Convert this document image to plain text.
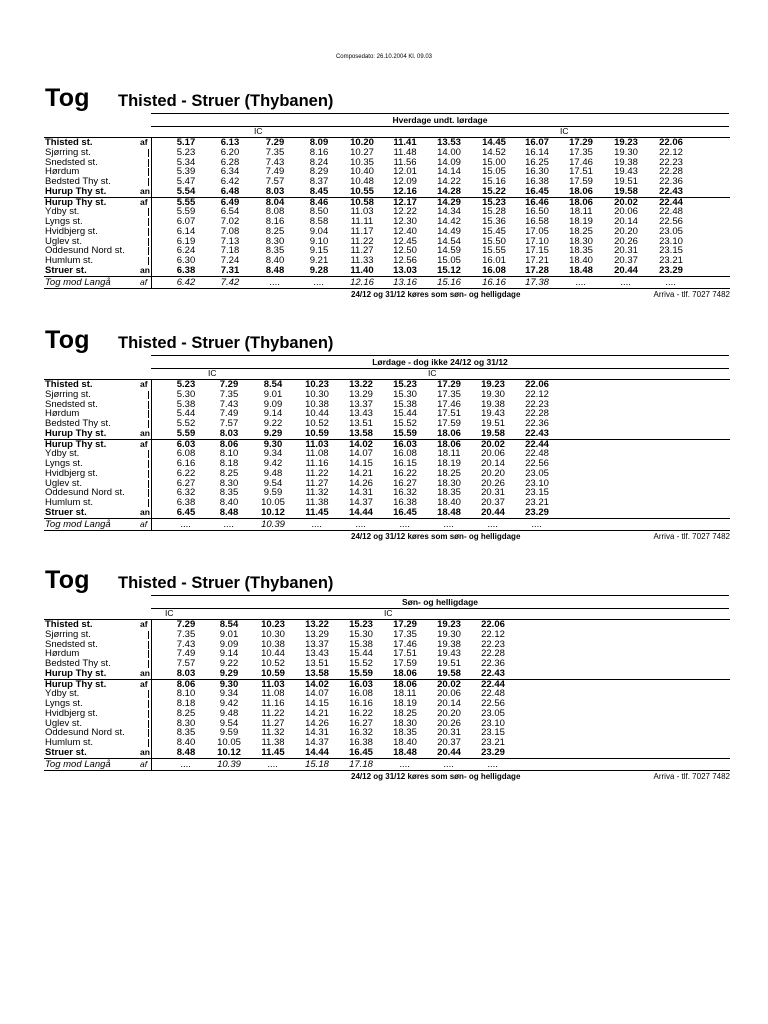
Composedato: 26.10.2004 Kl. 09.03
Tog Thisted - Struer (Thybanen)
Hverdage undt. lørdage
IC	IC
Thisted st.	af	5.17	6.13	7.29	8.09	10.20	11.41	13.53	14.45	16.07	17.29	19.23	22.06
Sjørring st.	5.23	6.20	7.35	8.16	10.27	11.48	14.00	14.52	16.14	17.35	19.30	22.12
Snedsted st.	5.34	6.28	7.43	8.24	10.35	11.56	14.09	15.00	16.25	17.46	19.38	22.23
Hørdum	5.39	6.34	7.49	8.29	10.40	12.01	14.14	15.05	16.30	17.51	19.43	22.28
Bedsted Thy st.	5.47	6.42	7.57	8.37	10.48	12.09	14.22	15.16	16.38	17.59	19.51	22.36
Hurup Thy st.	an	5.54	6.48	8.03	8.45	10.55	12.16	14.28	15.22	16.45	18.06	19.58	22.43
Hurup Thy st.	af	5.55	6.49	8.04	8.46	10.58	12.17	14.29	15.23	16.46	18.06	20.02	22.44
Ydby st.	5.59	6.54	8.08	8.50	11.03	12.22	14.34	15.28	16.50	18.11	20.06	22.48
Lyngs st.	6.07	7.02	8.16	8.58	11.11	12.30	14.42	15.36	16.58	18.19	20.14	22.56
Hvidbjerg st.	6.14	7.08	8.25	9.04	11.17	12.40	14.49	15.45	17.05	18.25	20.20	23.05
Uglev st.	6.19	7.13	8.30	9.10	11.22	12.45	14.54	15.50	17.10	18.30	20.26	23.10
Oddesund Nord st.	6.24	7.18	8.35	9.15	11.27	12.50	14.59	15.55	17.15	18.35	20.31	23.15
Humlum st.	6.30	7.24	8.40	9.21	11.33	12.56	15.05	16.01	17.21	18.40	20.37	23.21
Struer st.	an	6.38	7.31	8.48	9.28	11.40	13.03	15.12	16.08	17.28	18.48	20.44	23.29
Tog mod Langå	af	6.42	7.42	....	....	12.16	13.16	15.16	16.16	17.38	....	....	....
24/12 og 31/12 køres som søn- og helligdage	Arriva - tlf. 7027 7482
Tog Thisted - Struer (Thybanen)
Lørdage - dog ikke 24/12 og 31/12
IC	IC
Thisted st.	af	5.23	7.29	8.54	10.23	13.22	15.23	17.29	19.23	22.06
Sjørring st.	5.30	7.35	9.01	10.30	13.29	15.30	17.35	19.30	22.12
Snedsted st.	5.38	7.43	9.09	10.38	13.37	15.38	17.46	19.38	22.23
Hørdum	5.44	7.49	9.14	10.44	13.43	15.44	17.51	19.43	22.28
Bedsted Thy st.	5.52	7.57	9.22	10.52	13.51	15.52	17.59	19.51	22.36
Hurup Thy st.	an	5.59	8.03	9.29	10.59	13.58	15.59	18.06	19.58	22.43
Hurup Thy st.	af	6.03	8.06	9.30	11.03	14.02	16.03	18.06	20.02	22.44
Ydby st.	6.08	8.10	9.34	11.08	14.07	16.08	18.11	20.06	22.48
Lyngs st.	6.16	8.18	9.42	11.16	14.15	16.15	18.19	20.14	22.56
Hvidbjerg st.	6.22	8.25	9.48	11.22	14.21	16.22	18.25	20.20	23.05
Uglev st.	6.27	8.30	9.54	11.27	14.26	16.27	18.30	20.26	23.10
Oddesund Nord st.	6.32	8.35	9.59	11.32	14.31	16.32	18.35	20.31	23.15
Humlum st.	6.38	8.40	10.05	11.38	14.37	16.38	18.40	20.37	23.21
Struer st.	an	6.45	8.48	10.12	11.45	14.44	16.45	18.48	20.44	23.29
Tog mod Langå	af	....	....	10.39	....	....	....	....	....	....
24/12 og 31/12 køres som søn- og helligdage	Arriva - tlf. 7027 7482
Tog Thisted - Struer (Thybanen)
Søn- og helligdage
IC	IC
Thisted st.	af	7.29	8.54	10.23	13.22	15.23	17.29	19.23	22.06
Sjørring st.	7.35	9.01	10.30	13.29	15.30	17.35	19.30	22.12
Snedsted st.	7.43	9.09	10.38	13.37	15.38	17.46	19.38	22.23
Hørdum	7.49	9.14	10.44	13.43	15.44	17.51	19.43	22.28
Bedsted Thy st.	7.57	9.22	10.52	13.51	15.52	17.59	19.51	22.36
Hurup Thy st.	an	8.03	9.29	10.59	13.58	15.59	18.06	19.58	22.43
Hurup Thy st.	af	8.06	9.30	11.03	14.02	16.03	18.06	20.02	22.44
Ydby st.	8.10	9.34	11.08	14.07	16.08	18.11	20.06	22.48
Lyngs st.	8.18	9.42	11.16	14.15	16.16	18.19	20.14	22.56
Hvidbjerg st.	8.25	9.48	11.22	14.21	16.22	18.25	20.20	23.05
Uglev st.	8.30	9.54	11.27	14.26	16.27	18.30	20.26	23.10
Oddesund Nord st.	8.35	9.59	11.32	14.31	16.32	18.35	20.31	23.15
Humlum st.	8.40	10.05	11.38	14.37	16.38	18.40	20.37	23.21
Struer st.	an	8.48	10.12	11.45	14.44	16.45	18.48	20.44	23.29
Tog mod Langå	af	....	10.39	....	15.18	17.18	....	....	....
24/12 og 31/12 køres som søn- og helligdage	Arriva - tlf. 7027 7482
